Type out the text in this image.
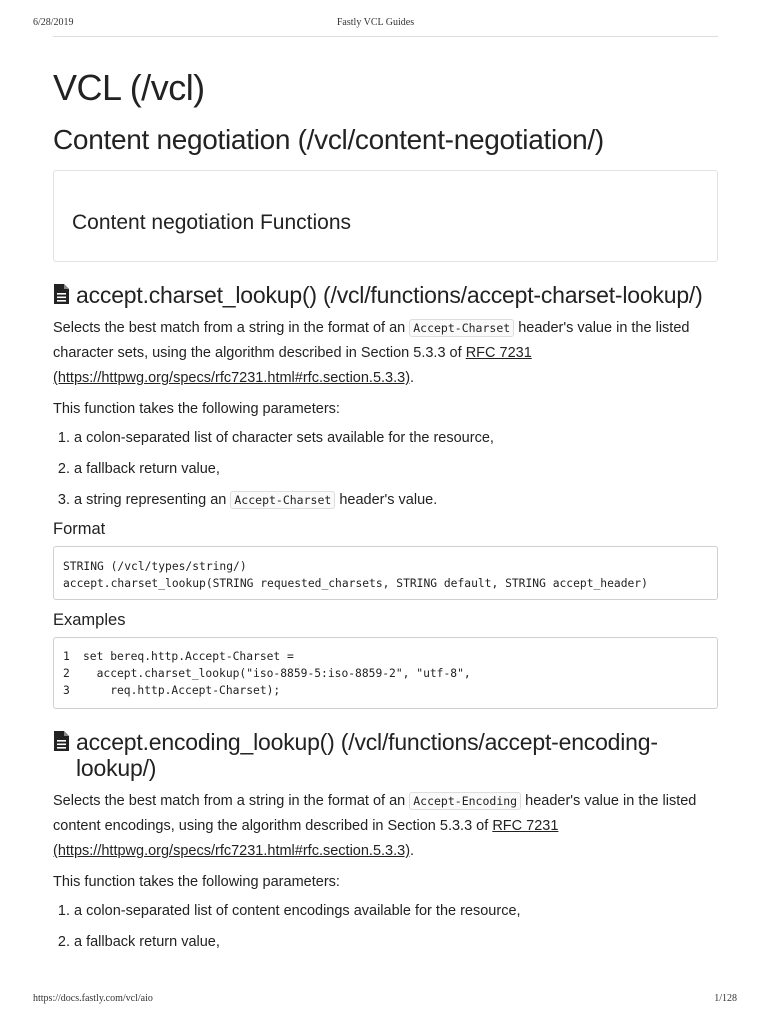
6/28/2019	Fastly VCL Guides
VCL (/vcl)
Content negotiation (/vcl/content-negotiation/)
Content negotiation Functions
accept.charset_lookup() (/vcl/functions/accept-charset-lookup/)

Selects the best match from a string in the format of an Accept-Charset header's value in the listed character sets, using the algorithm described in Section 5.3.3 of RFC 7231
(https://httpwg.org/specs/rfc7231.html#rfc.section.5.3.3).

This function takes the following parameters:

1. a colon-separated list of character sets available for the resource,
2. a fallback return value,
3. a string representing an Accept-Charset header's value.
Format
STRING (/vcl/types/string/)
accept.charset_lookup(STRING requested_charsets, STRING default, STRING accept_header)
Examples
1	set bereq.http.Accept-Charset =
2	accept.charset_lookup("iso-8859-5:iso-8859-2", "utf-8",
3	req.http.Accept-Charset);
accept.encoding_lookup() (/vcl/functions/accept-encoding-lookup/)

Selects the best match from a string in the format of an Accept-Encoding header's value in the listed content encodings, using the algorithm described in Section 5.3.3 of RFC 7231
(https://httpwg.org/specs/rfc7231.html#rfc.section.5.3.3).

This function takes the following parameters:

1. a colon-separated list of content encodings available for the resource,
2. a fallback return value,
https://docs.fastly.com/vcl/aio	1/128
